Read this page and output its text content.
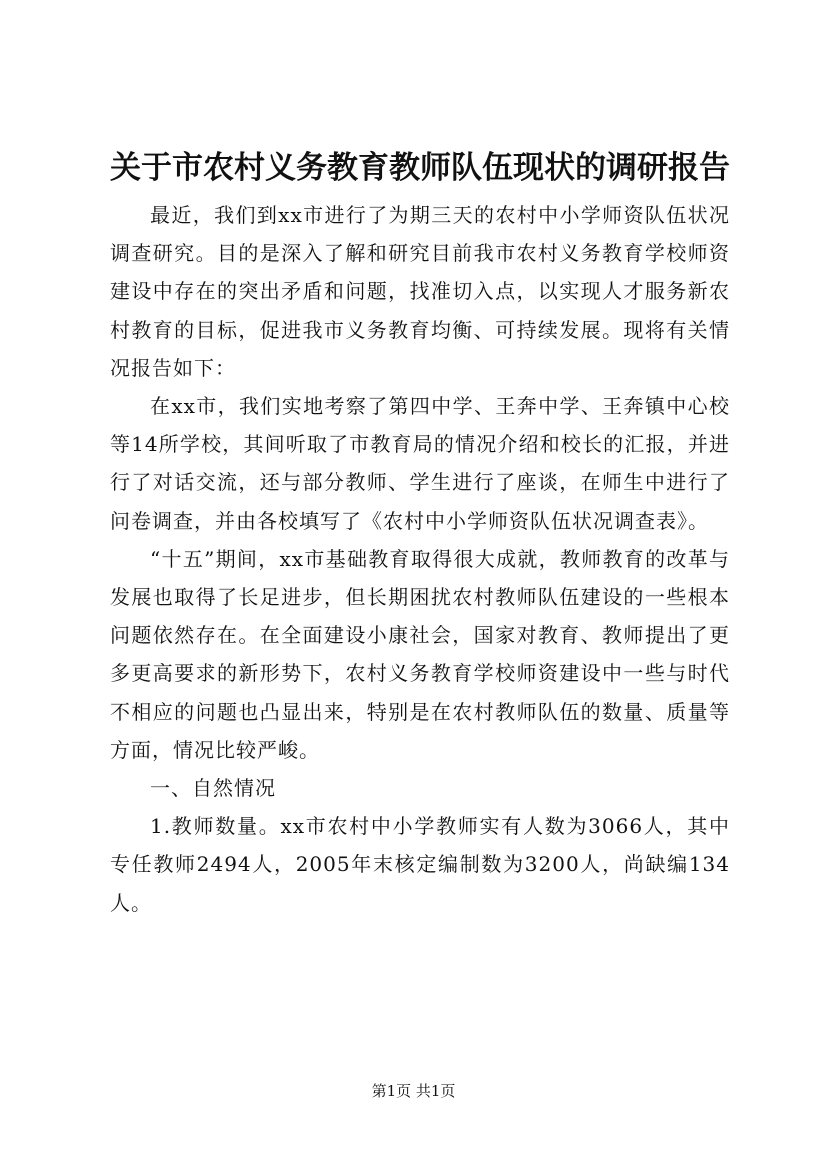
关于市农村义务教育教师队伍现状的调研报告

最近，我们到xx市进行了为期三天的农村中小学师资队伍状况调查研究。目的是深入了解和研究目前我市农村义务教育学校师资建设中存在的突出矛盾和问题，找准切入点，以实现人才服务新农村教育的目标，促进我市义务教育均衡、可持续发展。现将有关情况报告如下：

在xx市，我们实地考察了第四中学、王奔中学、王奔镇中心校等14所学校，其间听取了市教育局的情况介绍和校长的汇报，并进行了对话交流，还与部分教师、学生进行了座谈，在师生中进行了问卷调查，并由各校填写了《农村中小学师资队伍状况调查表》。

“十五”期间，xx市基础教育取得很大成就，教师教育的改革与发展也取得了长足进步，但长期困扰农村教师队伍建设的一些根本问题依然存在。在全面建设小康社会，国家对教育、教师提出了更多更高要求的新形势下，农村义务教育学校师资建设中一些与时代不相应的问题也凸显出来，特别是在农村教师队伍的数量、质量等方面，情况比较严峻。

一、自然情况

1.教师数量。xx市农村中小学教师实有人数为3066人，其中专任教师2494人，2005年末核定编制数为3200人，尚缺编134人。

第1页 共1页
